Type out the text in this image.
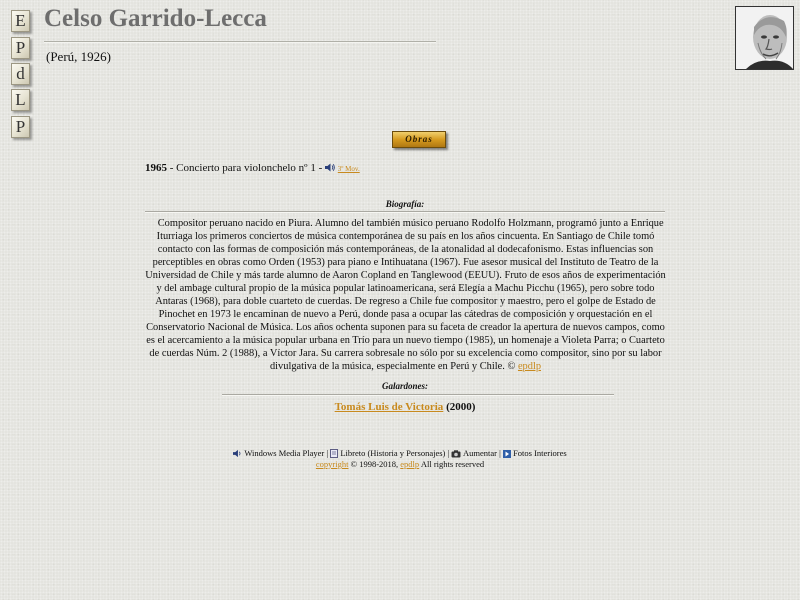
E
P
d
L
P
Celso Garrido-Lecca
(Perú, 1926)
Obras
1965 - Concierto para violonchelo nº 1 -  3º Mov.
Biografía:

Compositor peruano nacido en Piura. Alumno del también músico peruano Rodolfo Holzmann, programó junto a Enrique Iturriaga los primeros conciertos de música contemporánea de su país en los años cincuenta. En Santiago de Chile tomó contacto con las formas de composición más contemporáneas, de la atonalidad al dodecafonismo. Estas influencias son perceptibles en obras como Orden (1953) para piano e Intihuatana (1967). Fue asesor musical del Instituto de Teatro de la Universidad de Chile y más tarde alumno de Aaron Copland en Tanglewood (EEUU). Fruto de esos años de experimentación y del ambage cultural propio de la música popular latinoamericana, será Elegía a Machu Picchu (1965), pero sobre todo Antaras (1968), para doble cuarteto de cuerdas. De regreso a Chile fue compositor y maestro, pero el golpe de Estado de Pinochet en 1973 le encaminan de nuevo a Perú, donde pasa a ocupar las cátedras de composición y orquestación en el Conservatorio Nacional de Música. Los años ochenta suponen para su faceta de creador la apertura de nuevos campos, como es el acercamiento a la música popular urbana en Trío para un nuevo tiempo (1985), un homenaje a Violeta Parra; o Cuarteto de cuerdas Núm. 2 (1988), a Víctor Jara. Su carrera sobresale no sólo por su excelencia como compositor, sino por su labor divulgativa de la música, especialmente en Perú y Chile. © epdlp

Galardones:
Tomás Luis de Victoria (2000)
Windows Media Player |  Libreto (Historia y Personajes) |  Aumentar |  Fotos Interiores
copyright © 1998-2018, epdlp All rights reserved
